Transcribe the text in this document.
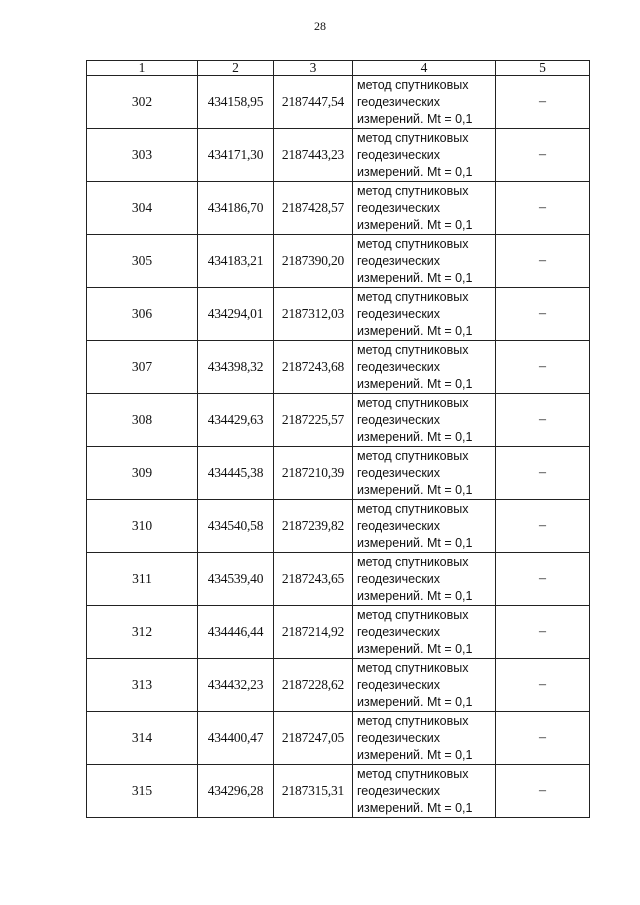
28
1	2	3	4	5
302	434158,95	2187447,54	метод спутниковых геодезических измерений. Mt = 0,1	–
303	434171,30	2187443,23	метод спутниковых геодезических измерений. Mt = 0,1	–
304	434186,70	2187428,57	метод спутниковых геодезических измерений. Mt = 0,1	–
305	434183,21	2187390,20	метод спутниковых геодезических измерений. Mt = 0,1	–
306	434294,01	2187312,03	метод спутниковых геодезических измерений. Mt = 0,1	–
307	434398,32	2187243,68	метод спутниковых геодезических измерений. Mt = 0,1	–
308	434429,63	2187225,57	метод спутниковых геодезических измерений. Mt = 0,1	–
309	434445,38	2187210,39	метод спутниковых геодезических измерений. Mt = 0,1	–
310	434540,58	2187239,82	метод спутниковых геодезических измерений. Mt = 0,1	–
311	434539,40	2187243,65	метод спутниковых геодезических измерений. Mt = 0,1	–
312	434446,44	2187214,92	метод спутниковых геодезических измерений. Mt = 0,1	–
313	434432,23	2187228,62	метод спутниковых геодезических измерений. Mt = 0,1	–
314	434400,47	2187247,05	метод спутниковых геодезических измерений. Mt = 0,1	–
315	434296,28	2187315,31	метод спутниковых геодезических измерений. Mt = 0,1	–
